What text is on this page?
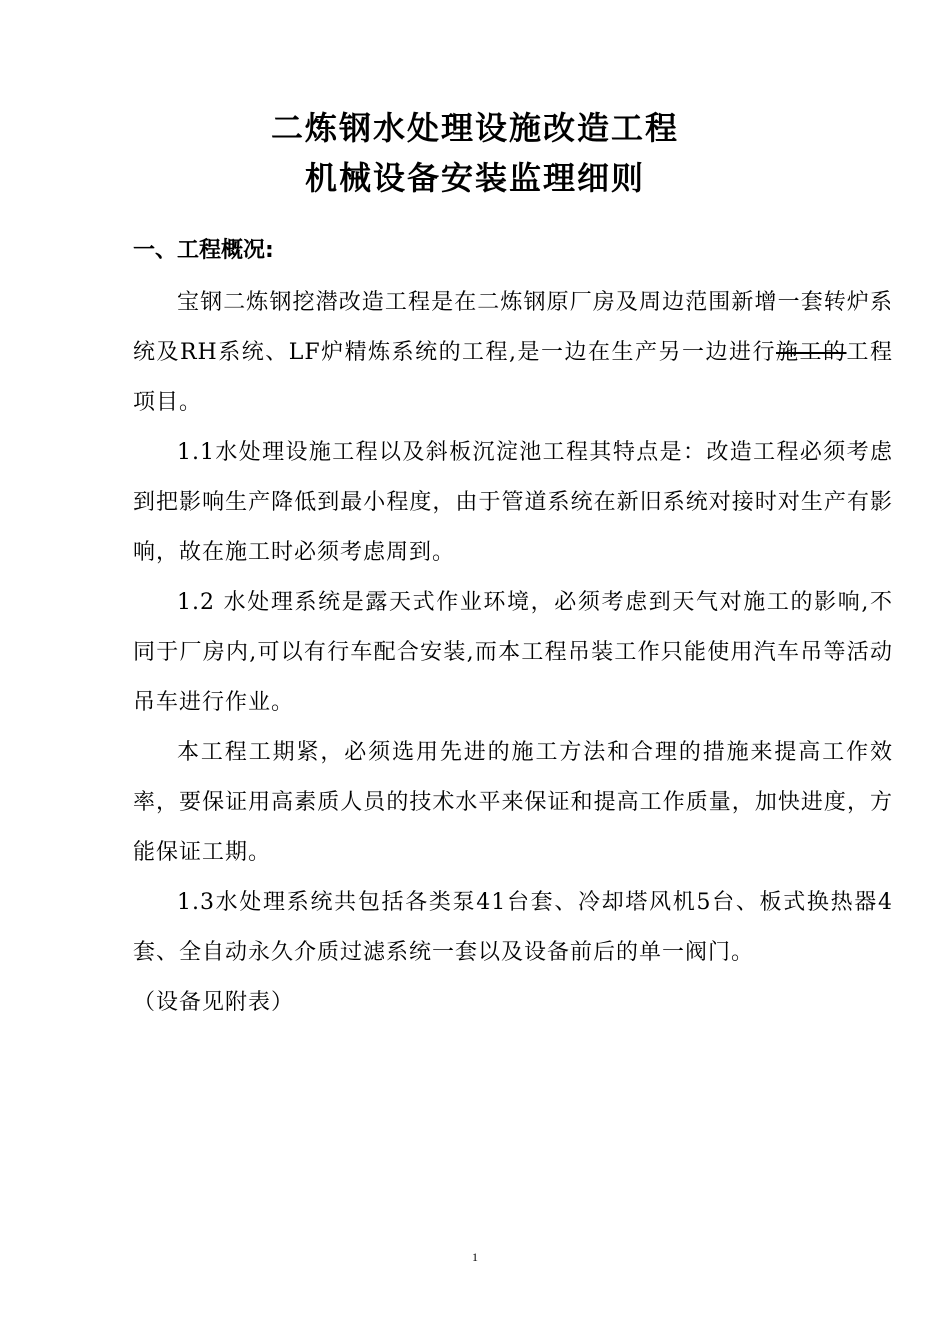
二炼钢水处理设施改造工程
机械设备安装监理细则
一、工程概况:
宝钢二炼钢挖潜改造工程是在二炼钢原厂房及周边范围新增一套转炉系统及RH系统、LF炉精炼系统的工程,是一边在生产另一边进行施工的工程项目。
1.1水处理设施工程以及斜板沉淀池工程其特点是：改造工程必须考虑到把影响生产降低到最小程度，由于管道系统在新旧系统对接时对生产有影响，故在施工时必须考虑周到。
1.2 水处理系统是露天式作业环境，必须考虑到天气对施工的影响,不同于厂房内,可以有行车配合安装,而本工程吊装工作只能使用汽车吊等活动吊车进行作业。
本工程工期紧，必须选用先进的施工方法和合理的措施来提高工作效率，要保证用高素质人员的技术水平来保证和提高工作质量，加快进度，方能保证工期。
1.3水处理系统共包括各类泵41台套、冷却塔风机5台、板式换热器4套、全自动永久介质过滤系统一套以及设备前后的单一阀门。
（设备见附表）
1
